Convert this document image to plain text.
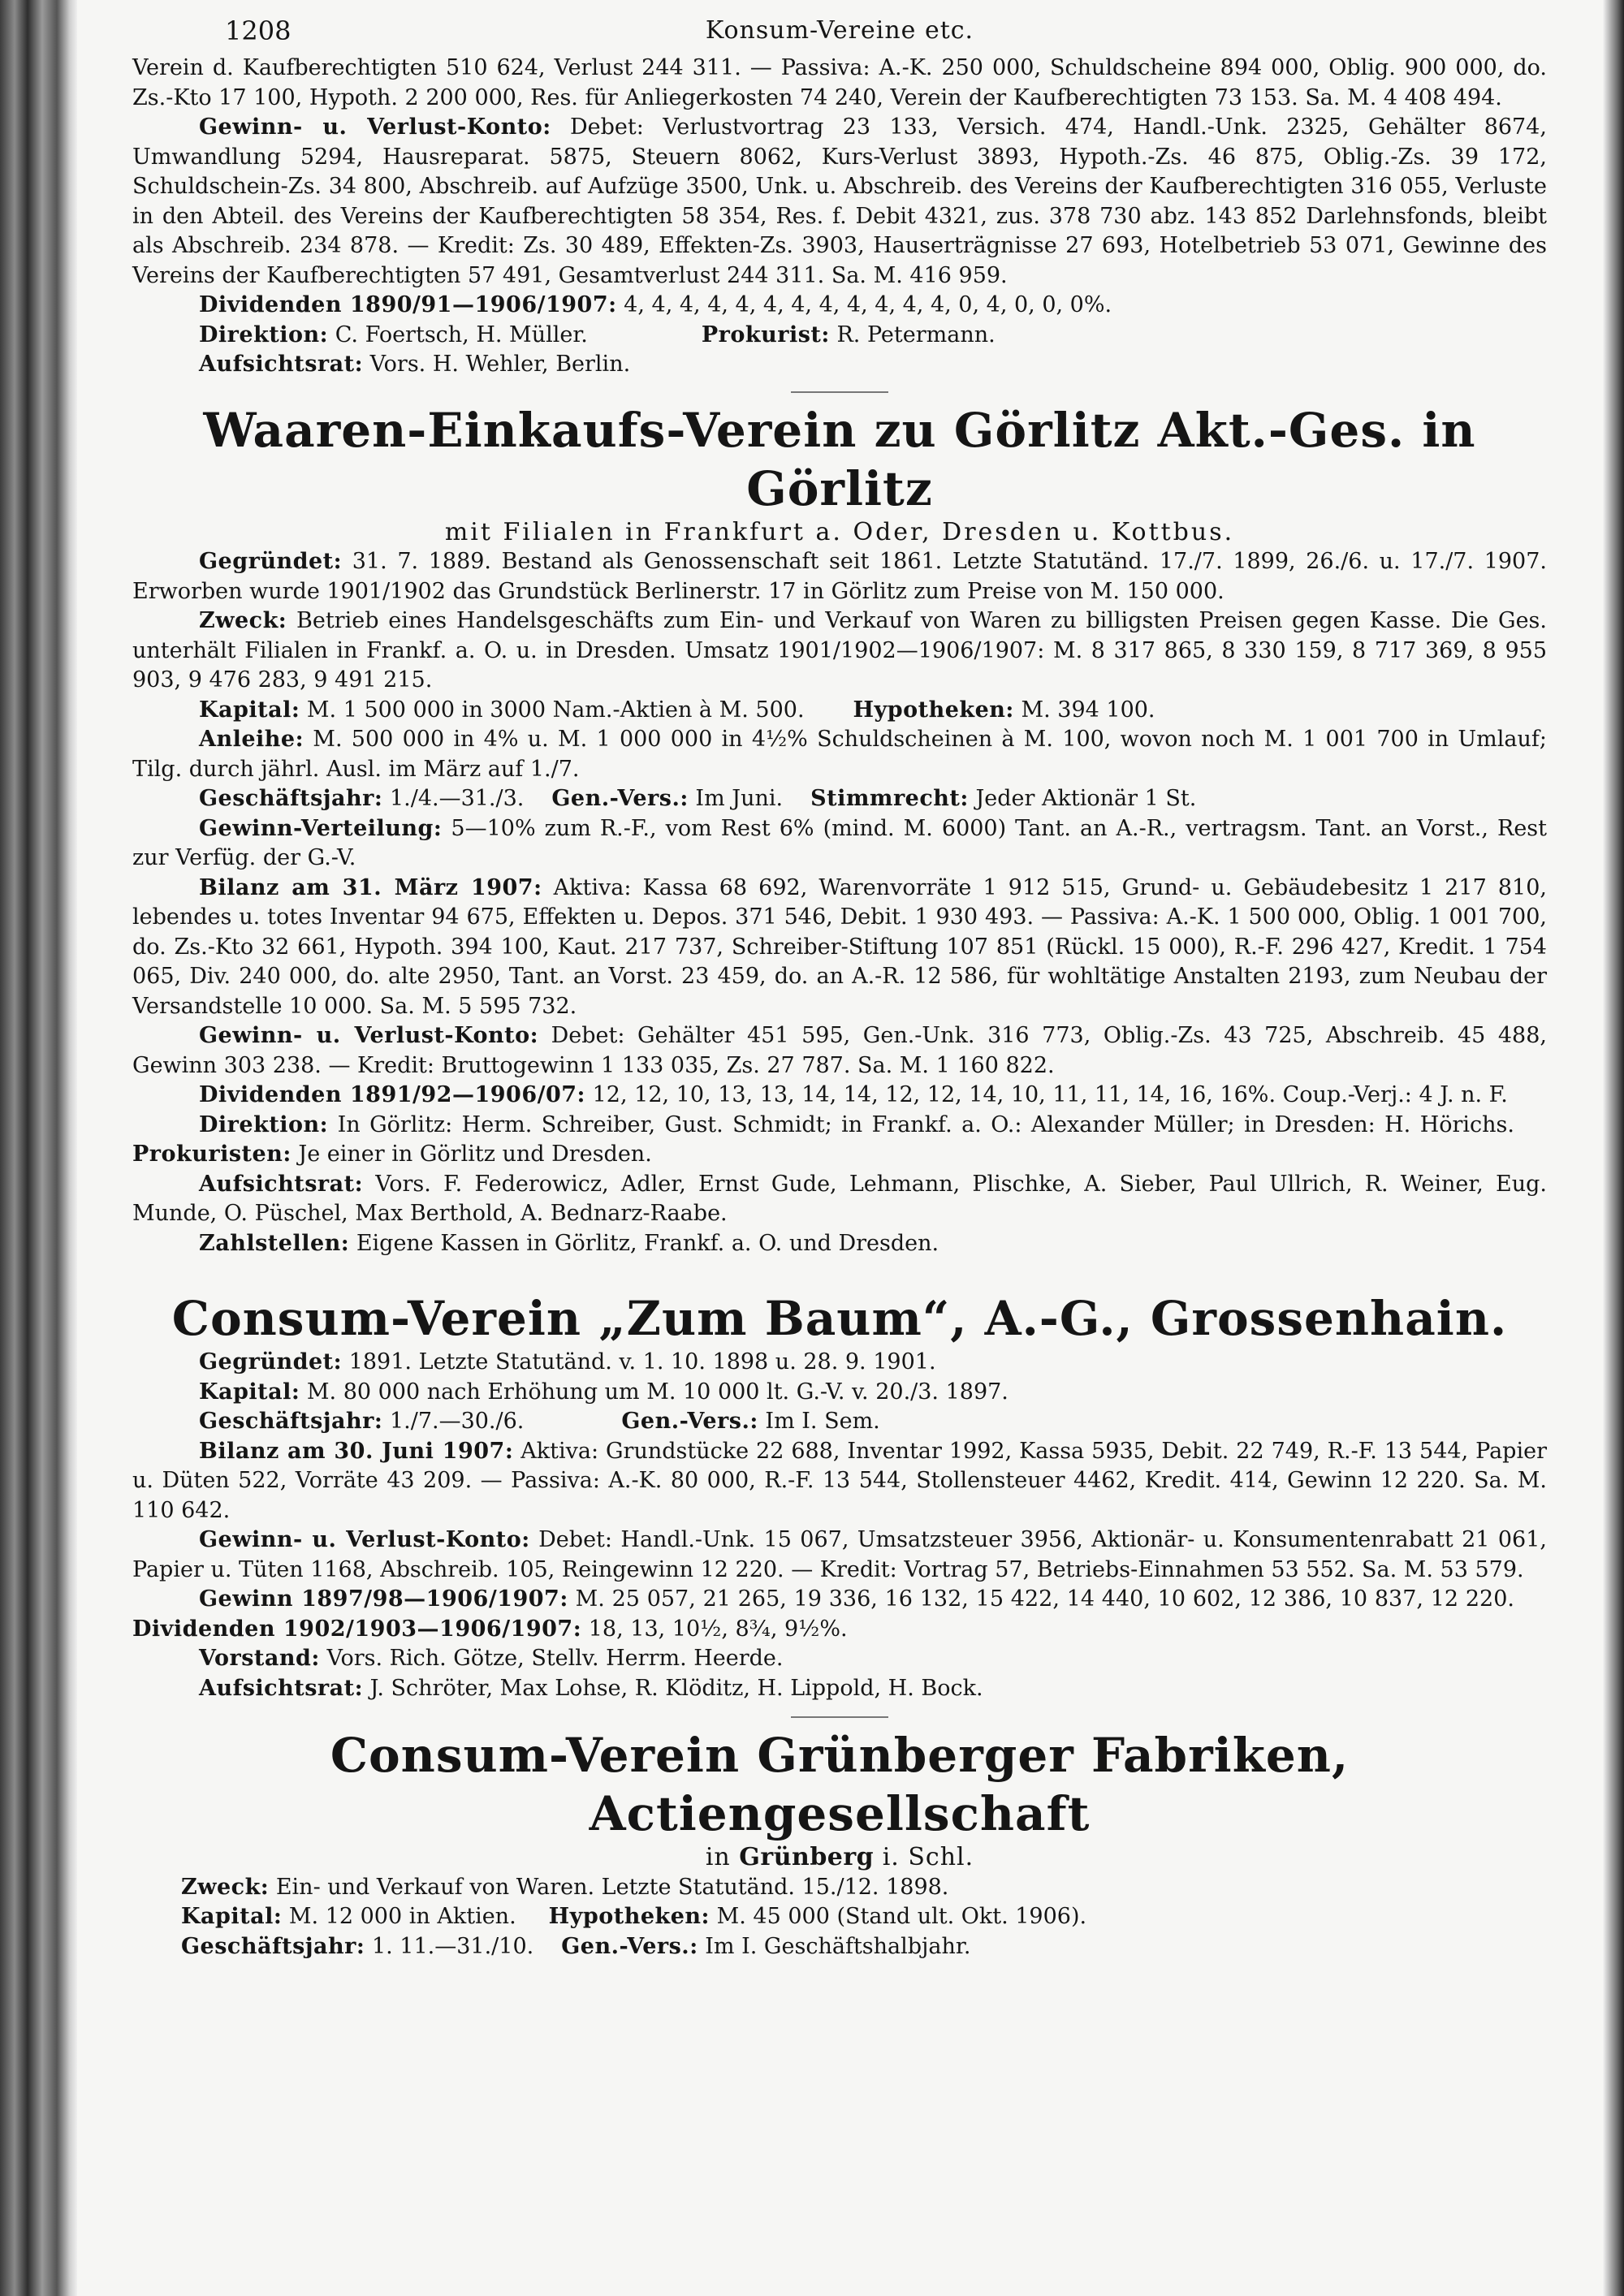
1208	Konsum-Vereine etc.

Verein d. Kaufberechtigten 510 624, Verlust 244 311. — Passiva: A.-K. 250 000, Schuldscheine 894 000, Oblig. 900 000, do. Zs.-Kto 17 100, Hypoth. 2 200 000, Res. für Anliegerkosten 74 240, Verein der Kaufberechtigten 73 153. Sa. M. 4 408 494.

Gewinn- u. Verlust-Konto: Debet: Verlustvortrag 23 133, Versich. 474, Handl.-Unk. 2325, Gehälter 8674, Umwandlung 5294, Hausreparat. 5875, Steuern 8062, Kurs-Verlust 3893, Hypoth.-Zs. 46 875, Oblig.-Zs. 39 172, Schuldschein-Zs. 34 800, Abschreib. auf Aufzüge 3500, Unk. u. Abschreib. des Vereins der Kaufberechtigten 316 055, Verluste in den Abteil. des Vereins der Kaufberechtigten 58 354, Res. f. Debit 4321, zus. 378 730 abz. 143 852 Darlehnsfonds, bleibt als Abschreib. 234 878. — Kredit: Zs. 30 489, Effekten-Zs. 3903, Hauserträgnisse 27 693, Hotelbetrieb 53 071, Gewinne des Vereins der Kaufberechtigten 57 491, Gesamtverlust 244 311. Sa. M. 416 959.

Dividenden 1890/91—1906/1907: 4, 4, 4, 4, 4, 4, 4, 4, 4, 4, 4, 4, 0, 4, 0, 0, 0%.

Direktion: C. Foertsch, H. Müller.	Prokurist: R. Petermann.

Aufsichtsrat: Vors. H. Wehler, Berlin.

Waaren-Einkaufs-Verein zu Görlitz Akt.-Ges. in Görlitz
mit Filialen in Frankfurt a. Oder, Dresden u. Kottbus.

Gegründet: 31. 7. 1889. Bestand als Genossenschaft seit 1861. Letzte Statutänd. 17./7. 1899, 26./6. u. 17./7. 1907. Erworben wurde 1901/1902 das Grundstück Berlinerstr. 17 in Görlitz zum Preise von M. 150 000.

Zweck: Betrieb eines Handelsgeschäfts zum Ein- und Verkauf von Waren zu billigsten Preisen gegen Kasse. Die Ges. unterhält Filialen in Frankf. a. O. u. in Dresden. Umsatz 1901/1902—1906/1907: M. 8 317 865, 8 330 159, 8 717 369, 8 955 903, 9 476 283, 9 491 215.

Kapital: M. 1 500 000 in 3000 Nam.-Aktien à M. 500. Hypotheken: M. 394 100.

Anleihe: M. 500 000 in 4% u. M. 1 000 000 in 4½% Schuldscheinen à M. 100, wovon noch M. 1 001 700 in Umlauf; Tilg. durch jährl. Ausl. im März auf 1./7.

Geschäftsjahr: 1./4.—31./3. Gen.-Vers.: Im Juni. Stimmrecht: Jeder Aktionär 1 St.

Gewinn-Verteilung: 5—10% zum R.-F., vom Rest 6% (mind. M. 6000) Tant. an A.-R., vertragsm. Tant. an Vorst., Rest zur Verfüg. der G.-V.

Bilanz am 31. März 1907: Aktiva: Kassa 68 692, Warenvorräte 1 912 515, Grund- u. Gebäudebesitz 1 217 810, lebendes u. totes Inventar 94 675, Effekten u. Depos. 371 546, Debit. 1 930 493. — Passiva: A.-K. 1 500 000, Oblig. 1 001 700, do. Zs.-Kto 32 661, Hypoth. 394 100, Kaut. 217 737, Schreiber-Stiftung 107 851 (Rückl. 15 000), R.-F. 296 427, Kredit. 1 754 065, Div. 240 000, do. alte 2950, Tant. an Vorst. 23 459, do. an A.-R. 12 586, für wohltätige Anstalten 2193, zum Neubau der Versandstelle 10 000. Sa. M. 5 595 732.

Gewinn- u. Verlust-Konto: Debet: Gehälter 451 595, Gen.-Unk. 316 773, Oblig.-Zs. 43 725, Abschreib. 45 488, Gewinn 303 238. — Kredit: Bruttogewinn 1 133 035, Zs. 27 787. Sa. M. 1 160 822.

Dividenden 1891/92—1906/07: 12, 12, 10, 13, 13, 14, 14, 12, 12, 14, 10, 11, 11, 14, 16, 16%. Coup.-Verj.: 4 J. n. F.

Direktion: In Görlitz: Herm. Schreiber, Gust. Schmidt; in Frankf. a. O.: Alexander Müller; in Dresden: H. Hörichs.Prokuristen: Je einer in Görlitz und Dresden.

Aufsichtsrat: Vors. F. Federowicz, Adler, Ernst Gude, Lehmann, Plischke, A. Sieber, Paul Ullrich, R. Weiner, Eug. Munde, O. Püschel, Max Berthold, A. Bednarz-Raabe.

Zahlstellen: Eigene Kassen in Görlitz, Frankf. a. O. und Dresden.

Consum-Verein „Zum Baum“, A.-G., Grossenhain.

Gegründet: 1891. Letzte Statutänd. v. 1. 10. 1898 u. 28. 9. 1901.

Kapital: M. 80 000 nach Erhöhung um M. 10 000 lt. G.-V. v. 20./3. 1897.

Geschäftsjahr: 1./7.—30./6.	Gen.-Vers.: Im I. Sem.

Bilanz am 30. Juni 1907: Aktiva: Grundstücke 22 688, Inventar 1992, Kassa 5935, Debit. 22 749, R.-F. 13 544, Papier u. Düten 522, Vorräte 43 209. — Passiva: A.-K. 80 000, R.-F. 13 544, Stollensteuer 4462, Kredit. 414, Gewinn 12 220. Sa. M. 110 642.

Gewinn- u. Verlust-Konto: Debet: Handl.-Unk. 15 067, Umsatzsteuer 3956, Aktionär- u. Konsumentenrabatt 21 061, Papier u. Tüten 1168, Abschreib. 105, Reingewinn 12 220. — Kredit: Vortrag 57, Betriebs-Einnahmen 53 552. Sa. M. 53 579.

Gewinn 1897/98—1906/1907: M. 25 057, 21 265, 19 336, 16 132, 15 422, 14 440, 10 602, 12 386, 10 837, 12 220.Dividenden 1902/1903—1906/1907: 18, 13, 10½, 8¾, 9½%.

Vorstand: Vors. Rich. Götze, Stellv. Herrm. Heerde.

Aufsichtsrat: J. Schröter, Max Lohse, R. Klöditz, H. Lippold, H. Bock.

Consum-Verein Grünberger Fabriken, Actiengesellschaft
in Grünberg i. Schl.

Zweck: Ein- und Verkauf von Waren. Letzte Statutänd. 15./12. 1898.

Kapital: M. 12 000 in Aktien. Hypotheken: M. 45 000 (Stand ult. Okt. 1906).

Geschäftsjahr: 1. 11.—31./10. Gen.-Vers.: Im I. Geschäftshalbjahr.
